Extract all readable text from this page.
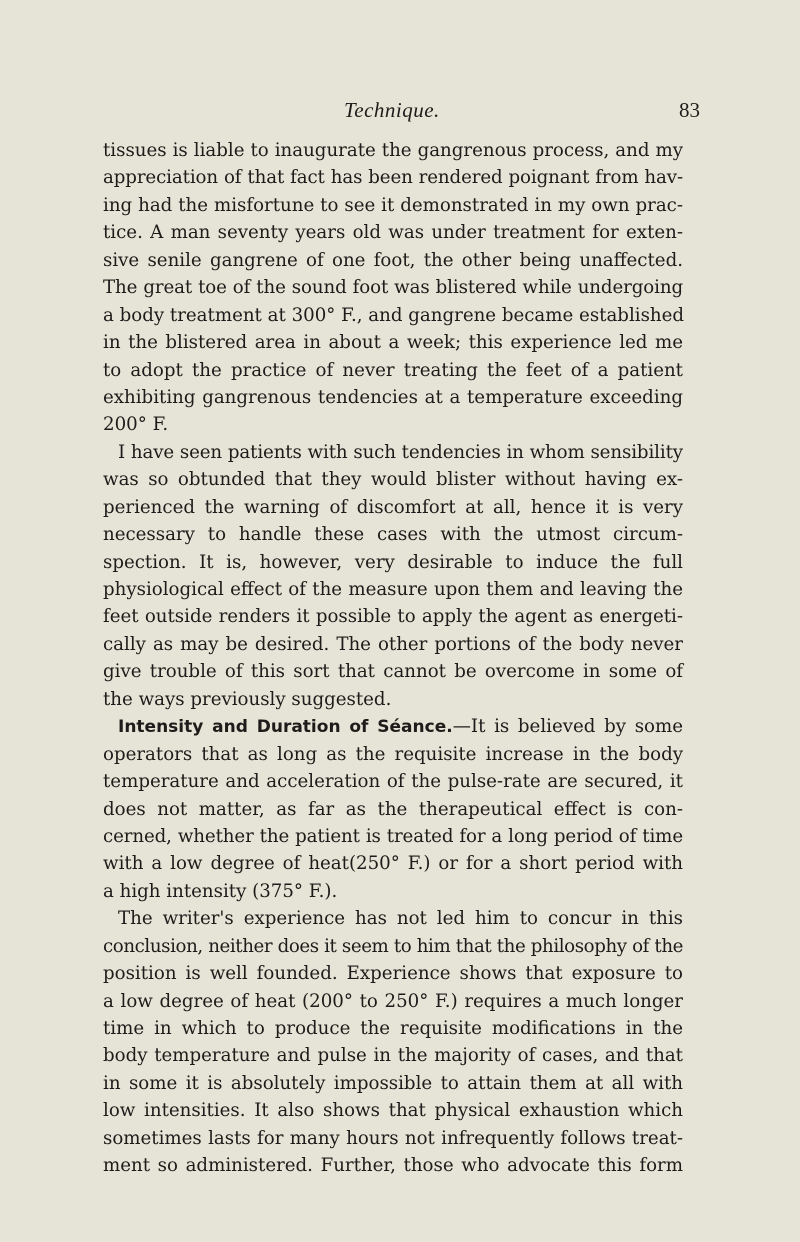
Technique.	83
tissues is liable to inaugurate the gangrenous process, and my
appreciation of that fact has been rendered poignant from hav-
ing had the misfortune to see it demonstrated in my own prac-
tice. A man seventy years old was under treatment for exten-
sive senile gangrene of one foot, the other being unaffected.
The great toe of the sound foot was blistered while undergoing
a body treatment at 300° F., and gangrene became established
in the blistered area in about a week; this experience led me
to adopt the practice of never treating the feet of a patient
exhibiting gangrenous tendencies at a temperature exceeding
200° F.
I have seen patients with such tendencies in whom sensibility
was so obtunded that they would blister without having ex-
perienced the warning of discomfort at all, hence it is very
necessary to handle these cases with the utmost circum-
spection. It is, however, very desirable to induce the full
physiological effect of the measure upon them and leaving the
feet outside renders it possible to apply the agent as energeti-
cally as may be desired. The other portions of the body never
give trouble of this sort that cannot be overcome in some of
the ways previously suggested.
Intensity and Duration of Séance.—It is believed by some
operators that as long as the requisite increase in the body
temperature and acceleration of the pulse-rate are secured, it
does not matter, as far as the therapeutical effect is con-
cerned, whether the patient is treated for a long period of time
with a low degree of heat(250° F.) or for a short period with
a high intensity (375° F.).
The writer's experience has not led him to concur in this
conclusion, neither does it seem to him that the philosophy of the
position is well founded. Experience shows that exposure to
a low degree of heat (200° to 250° F.) requires a much longer
time in which to produce the requisite modifications in the
body temperature and pulse in the majority of cases, and that
in some it is absolutely impossible to attain them at all with
low intensities. It also shows that physical exhaustion which
sometimes lasts for many hours not infrequently follows treat-
ment so administered. Further, those who advocate this form
